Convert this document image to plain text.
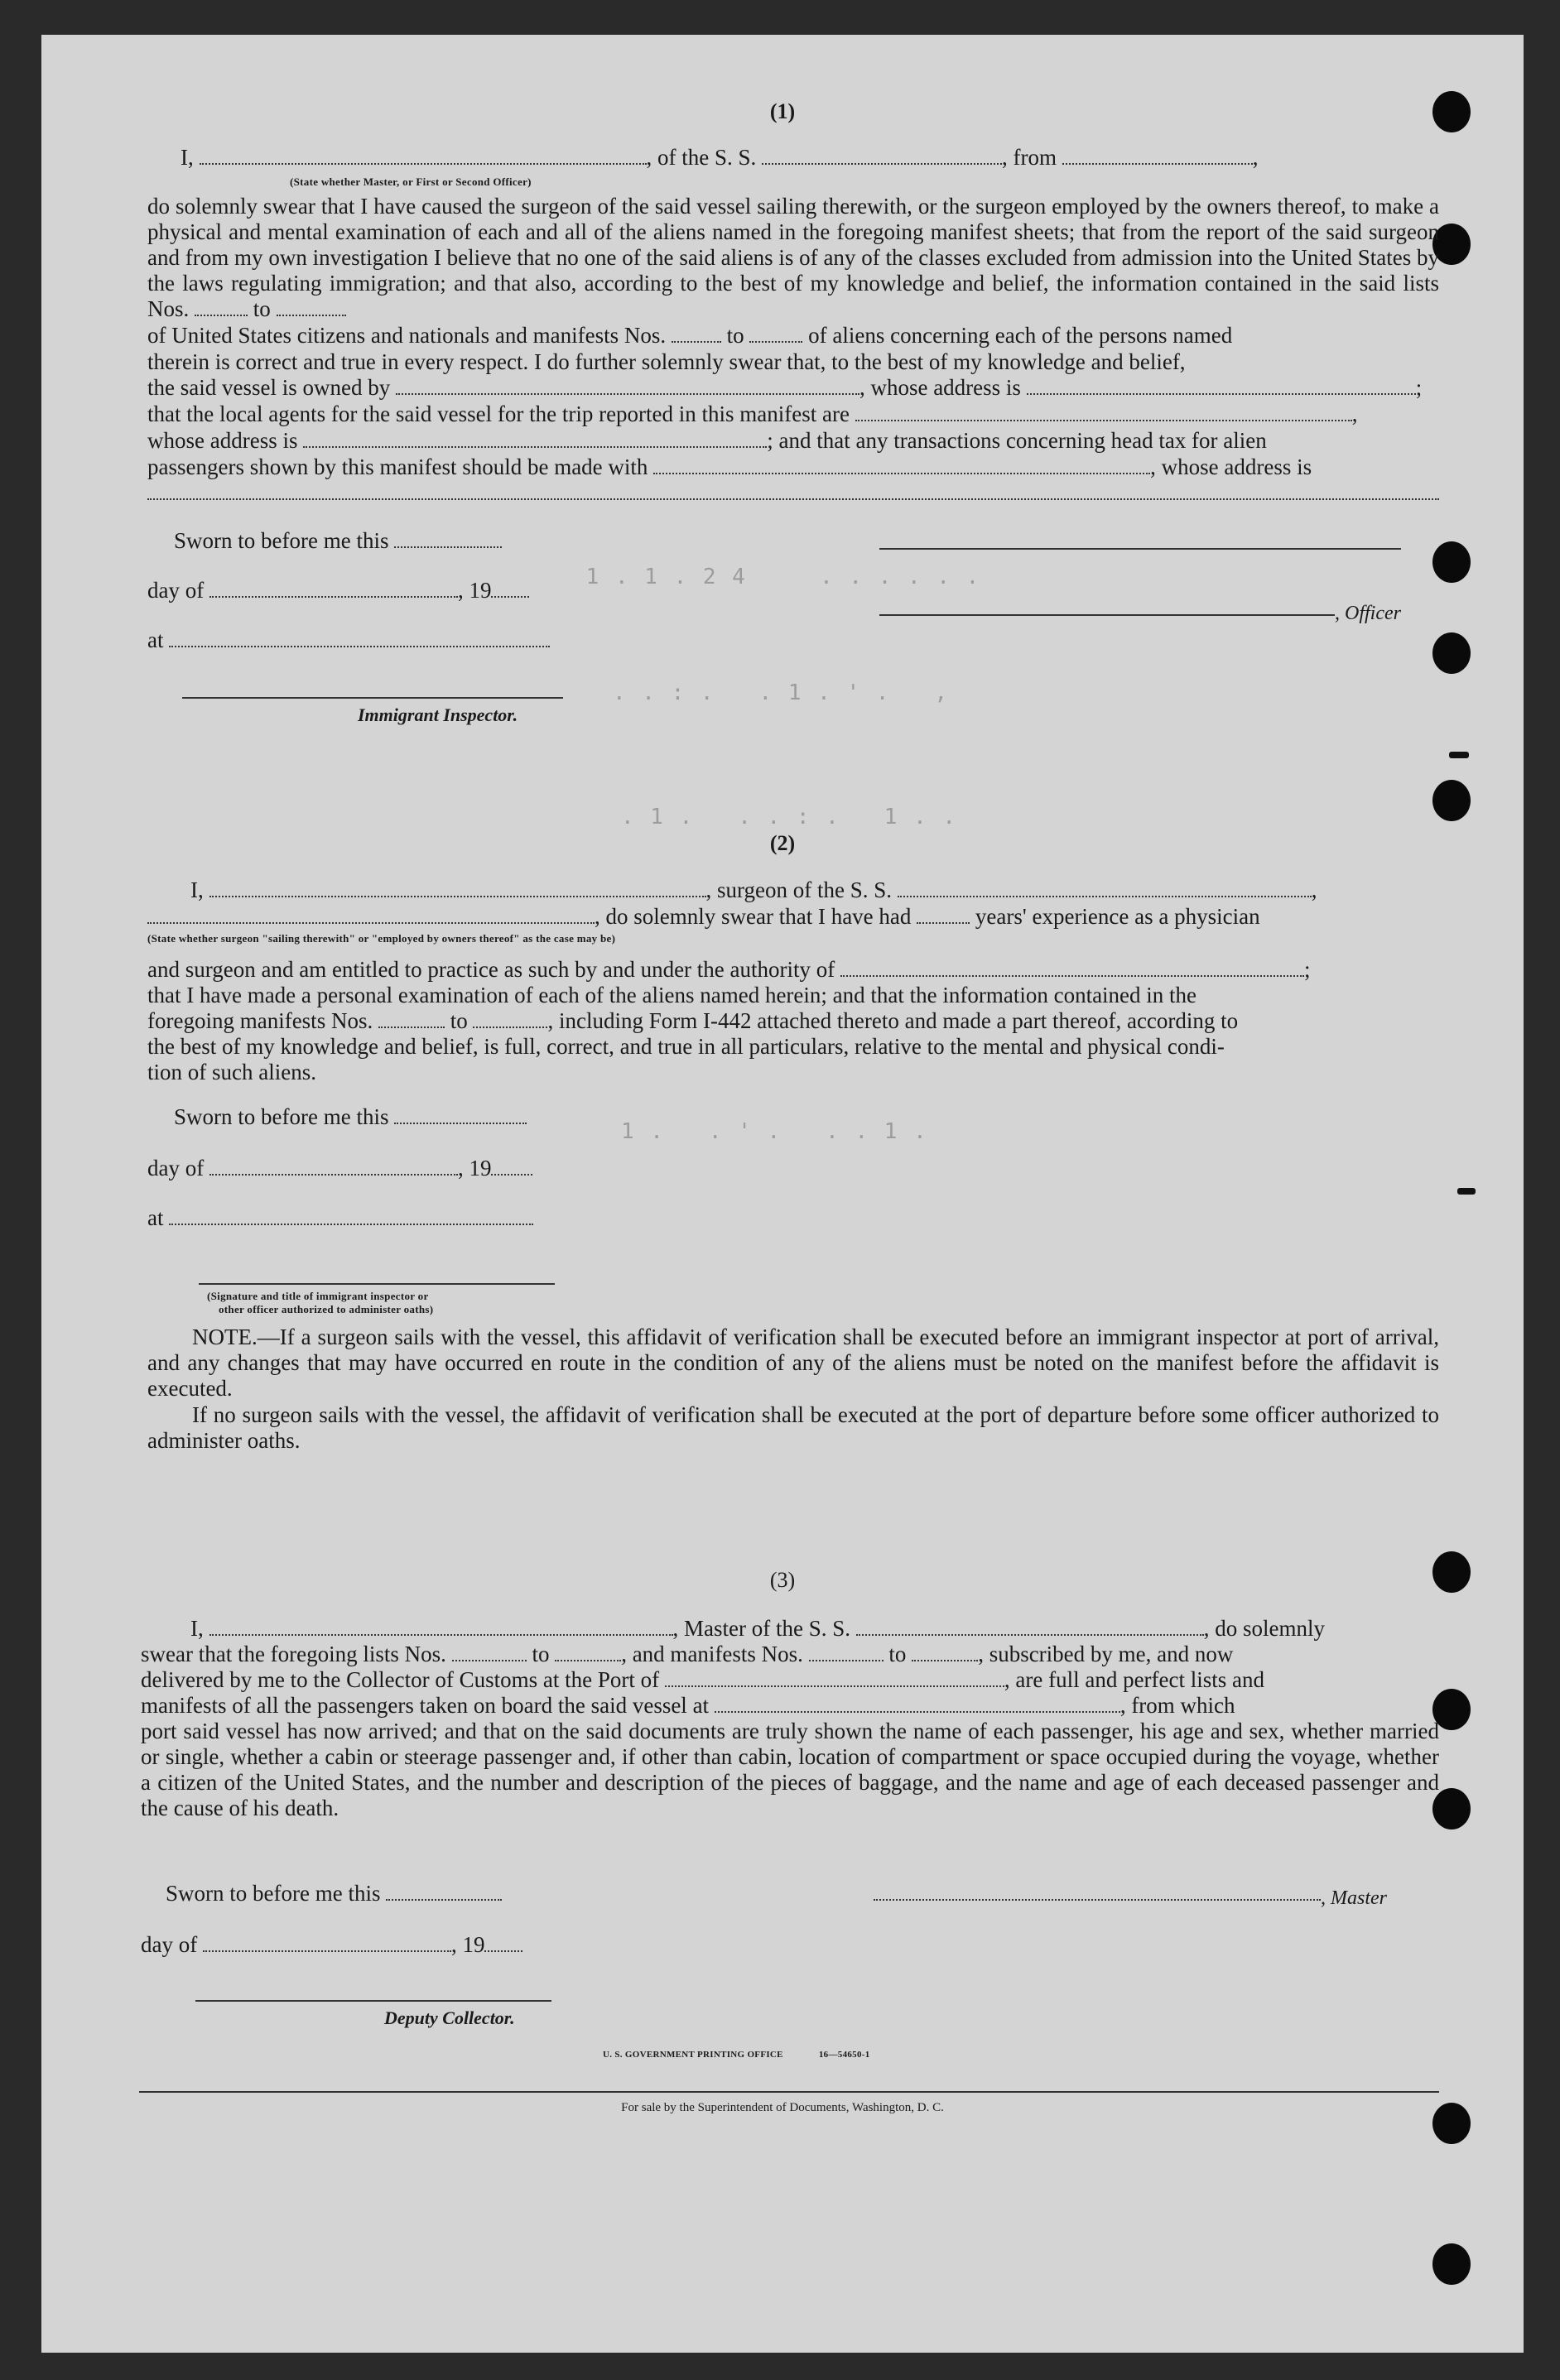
​ 1 . 1 . 2 4     . . . . . .
. . : .   . 1 . ' .   ,
. 1 .   . . : .   1 . .
1 .   . ' .   . . 1 .
(1)
I,	, of the S. S.	, from	,
(State whether Master, or First or Second Officer)
do solemnly swear that I have caused the surgeon of the said vessel sailing therewith, or the surgeon employed by the owners thereof, to make a physical and mental examination of each and all of the aliens named in the foregoing manifest sheets; that from the report of the said surgeon and from my own investigation I believe that no one of the said aliens is of any of the classes excluded from admission into the United States by the laws regulating immigration; and that also, according to the best of my knowledge and belief, the information contained in the said lists Nos.	to
of United States citizens and nationals and manifests Nos.	to	of aliens concerning each of the persons named
therein is correct and true in every respect. I do further solemnly swear that, to the best of my knowledge and belief,
the said vessel is owned by	, whose address is	;
that the local agents for the said vessel for the trip reported in this manifest are	,
whose address is	; and that any transactions concerning head tax for alien
passengers shown by this manifest should be made with	, whose address is
Sworn to before me this
day of	, 19
, Officer
at
Immigrant Inspector.
(2)
I,	, surgeon of the S. S.	,
, do solemnly swear that I have had	years' experience as a physician
(State whether surgeon "sailing therewith" or "employed by owners thereof" as the case may be)
and surgeon and am entitled to practice as such by and under the authority of	;
that I have made a personal examination of each of the aliens named herein; and that the information contained in the
foregoing manifests Nos.	to	, including Form I-442 attached thereto and made a part thereof, according to
the best of my knowledge and belief, is full, correct, and true in all particulars, relative to the mental and physical condi-
tion of such aliens.
Sworn to before me this
day of	, 19
at
(Signature and title of immigrant inspector or
other officer authorized to administer oaths)
NOTE.—If a surgeon sails with the vessel, this affidavit of verification shall be executed before an immigrant inspector at port of arrival, and any changes that may have occurred en route in the condition of any of the aliens must be noted on the manifest before the affidavit is executed.
If no surgeon sails with the vessel, the affidavit of verification shall be executed at the port of departure before some officer authorized to administer oaths.
(3)
I,	, Master of the S. S.	, do solemnly
swear that the foregoing lists Nos.	to	, and manifests Nos.	to	, subscribed by me, and now
delivered by me to the Collector of Customs at the Port of	, are full and perfect lists and
manifests of all the passengers taken on board the said vessel at	, from which
port said vessel has now arrived; and that on the said documents are truly shown the name of each passenger, his age and sex, whether married or single, whether a cabin or steerage passenger and, if other than cabin, location of compartment or space occupied during the voyage, whether a citizen of the United States, and the number and description of the pieces of baggage, and the name and age of each deceased passenger and the cause of his death.
Sworn to before me this	, Master
day of	, 19
Deputy Collector.
U. S. GOVERNMENT PRINTING OFFICE	16—54650-1
For sale by the Superintendent of Documents, Washington, D. C.
